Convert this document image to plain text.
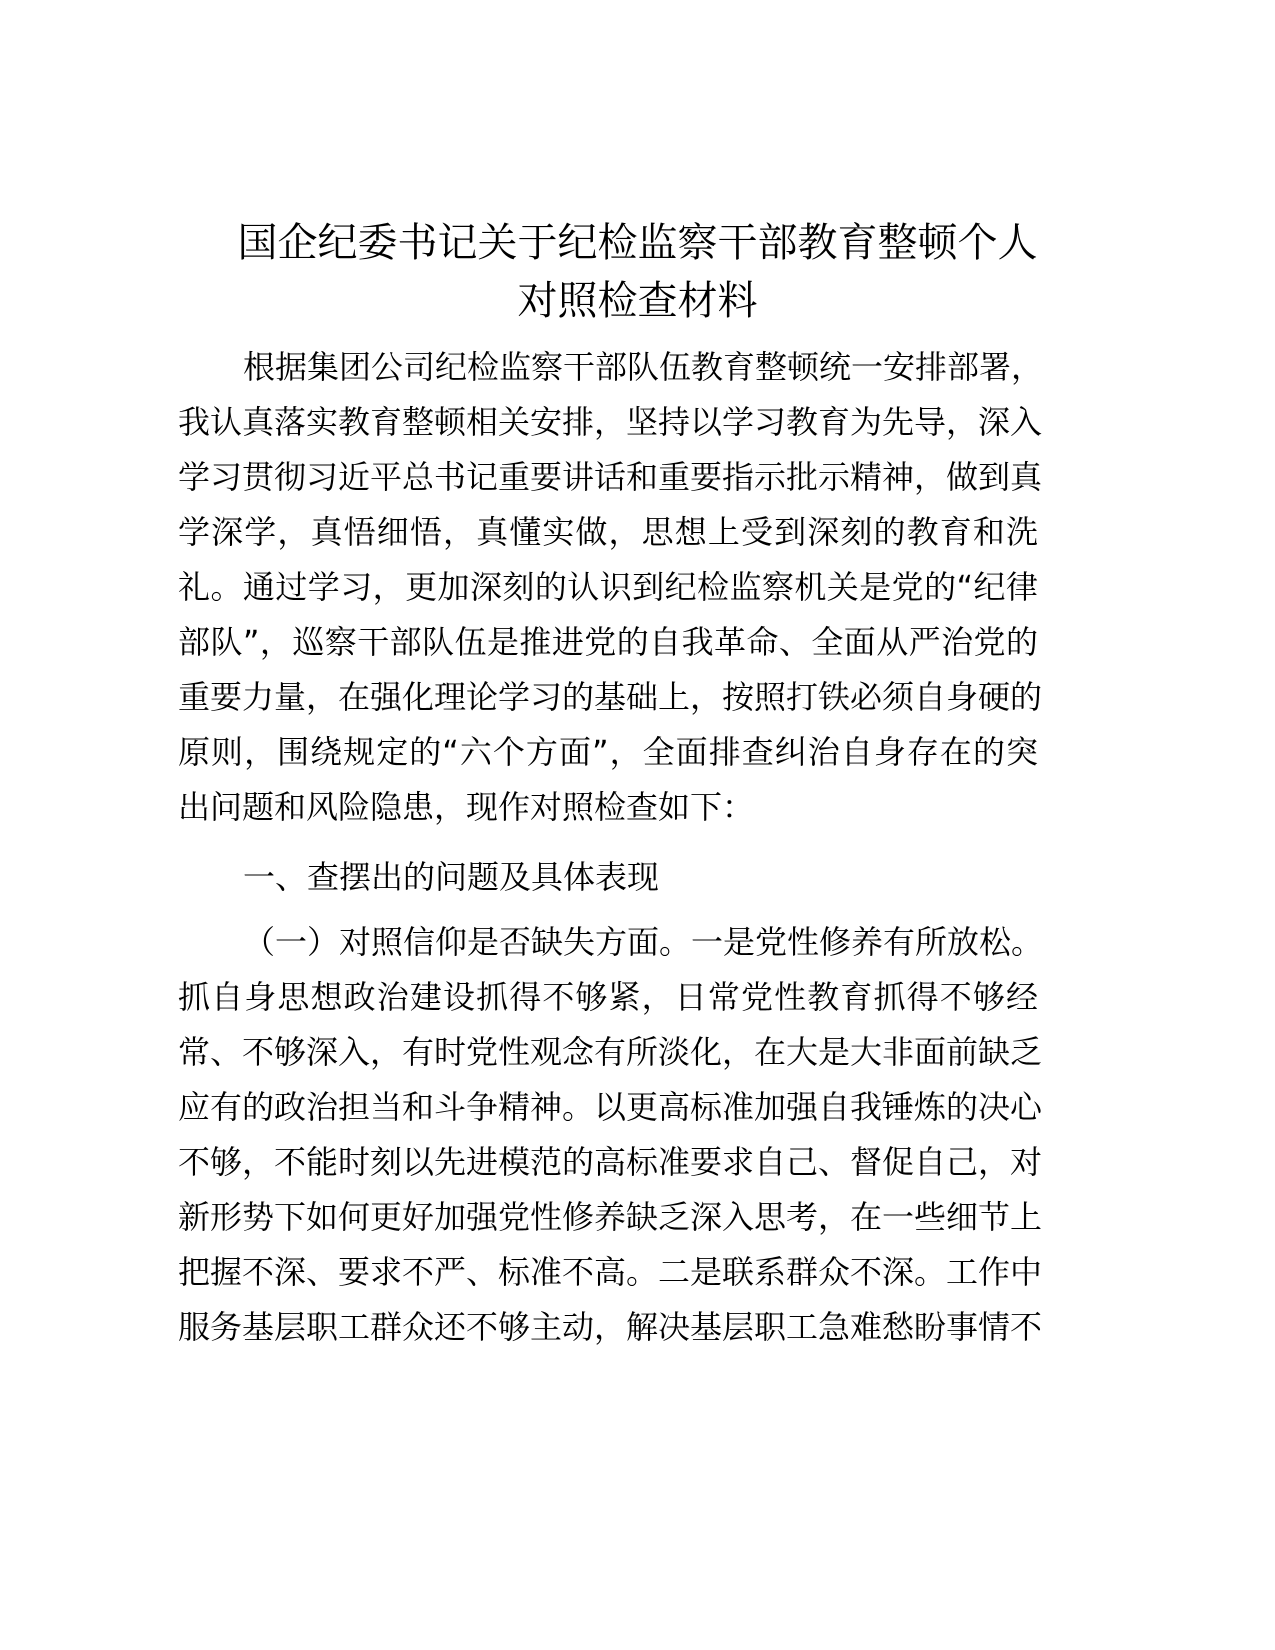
国企纪委书记关于纪检监察干部教育整顿个人
对照检查材料
根据集团公司纪检监察干部队伍教育整顿统一安排部署，
我认真落实教育整顿相关安排，坚持以学习教育为先导，深入
学习贯彻习近平总书记重要讲话和重要指示批示精神，做到真
学深学，真悟细悟，真懂实做，思想上受到深刻的教育和洗
礼。通过学习，更加深刻的认识到纪检监察机关是党的“纪律
部队”，巡察干部队伍是推进党的自我革命、全面从严治党的
重要力量，在强化理论学习的基础上，按照打铁必须自身硬的
原则，围绕规定的“六个方面”，全面排查纠治自身存在的突
出问题和风险隐患，现作对照检查如下：
一、查摆出的问题及具体表现
（一）对照信仰是否缺失方面。一是党性修养有所放松。
抓自身思想政治建设抓得不够紧，日常党性教育抓得不够经
常、不够深入，有时党性观念有所淡化，在大是大非面前缺乏
应有的政治担当和斗争精神。以更高标准加强自我锤炼的决心
不够，不能时刻以先进模范的高标准要求自己、督促自己，对
新形势下如何更好加强党性修养缺乏深入思考，在一些细节上
把握不深、要求不严、标准不高。二是联系群众不深。工作中
服务基层职工群众还不够主动，解决基层职工急难愁盼事情不
